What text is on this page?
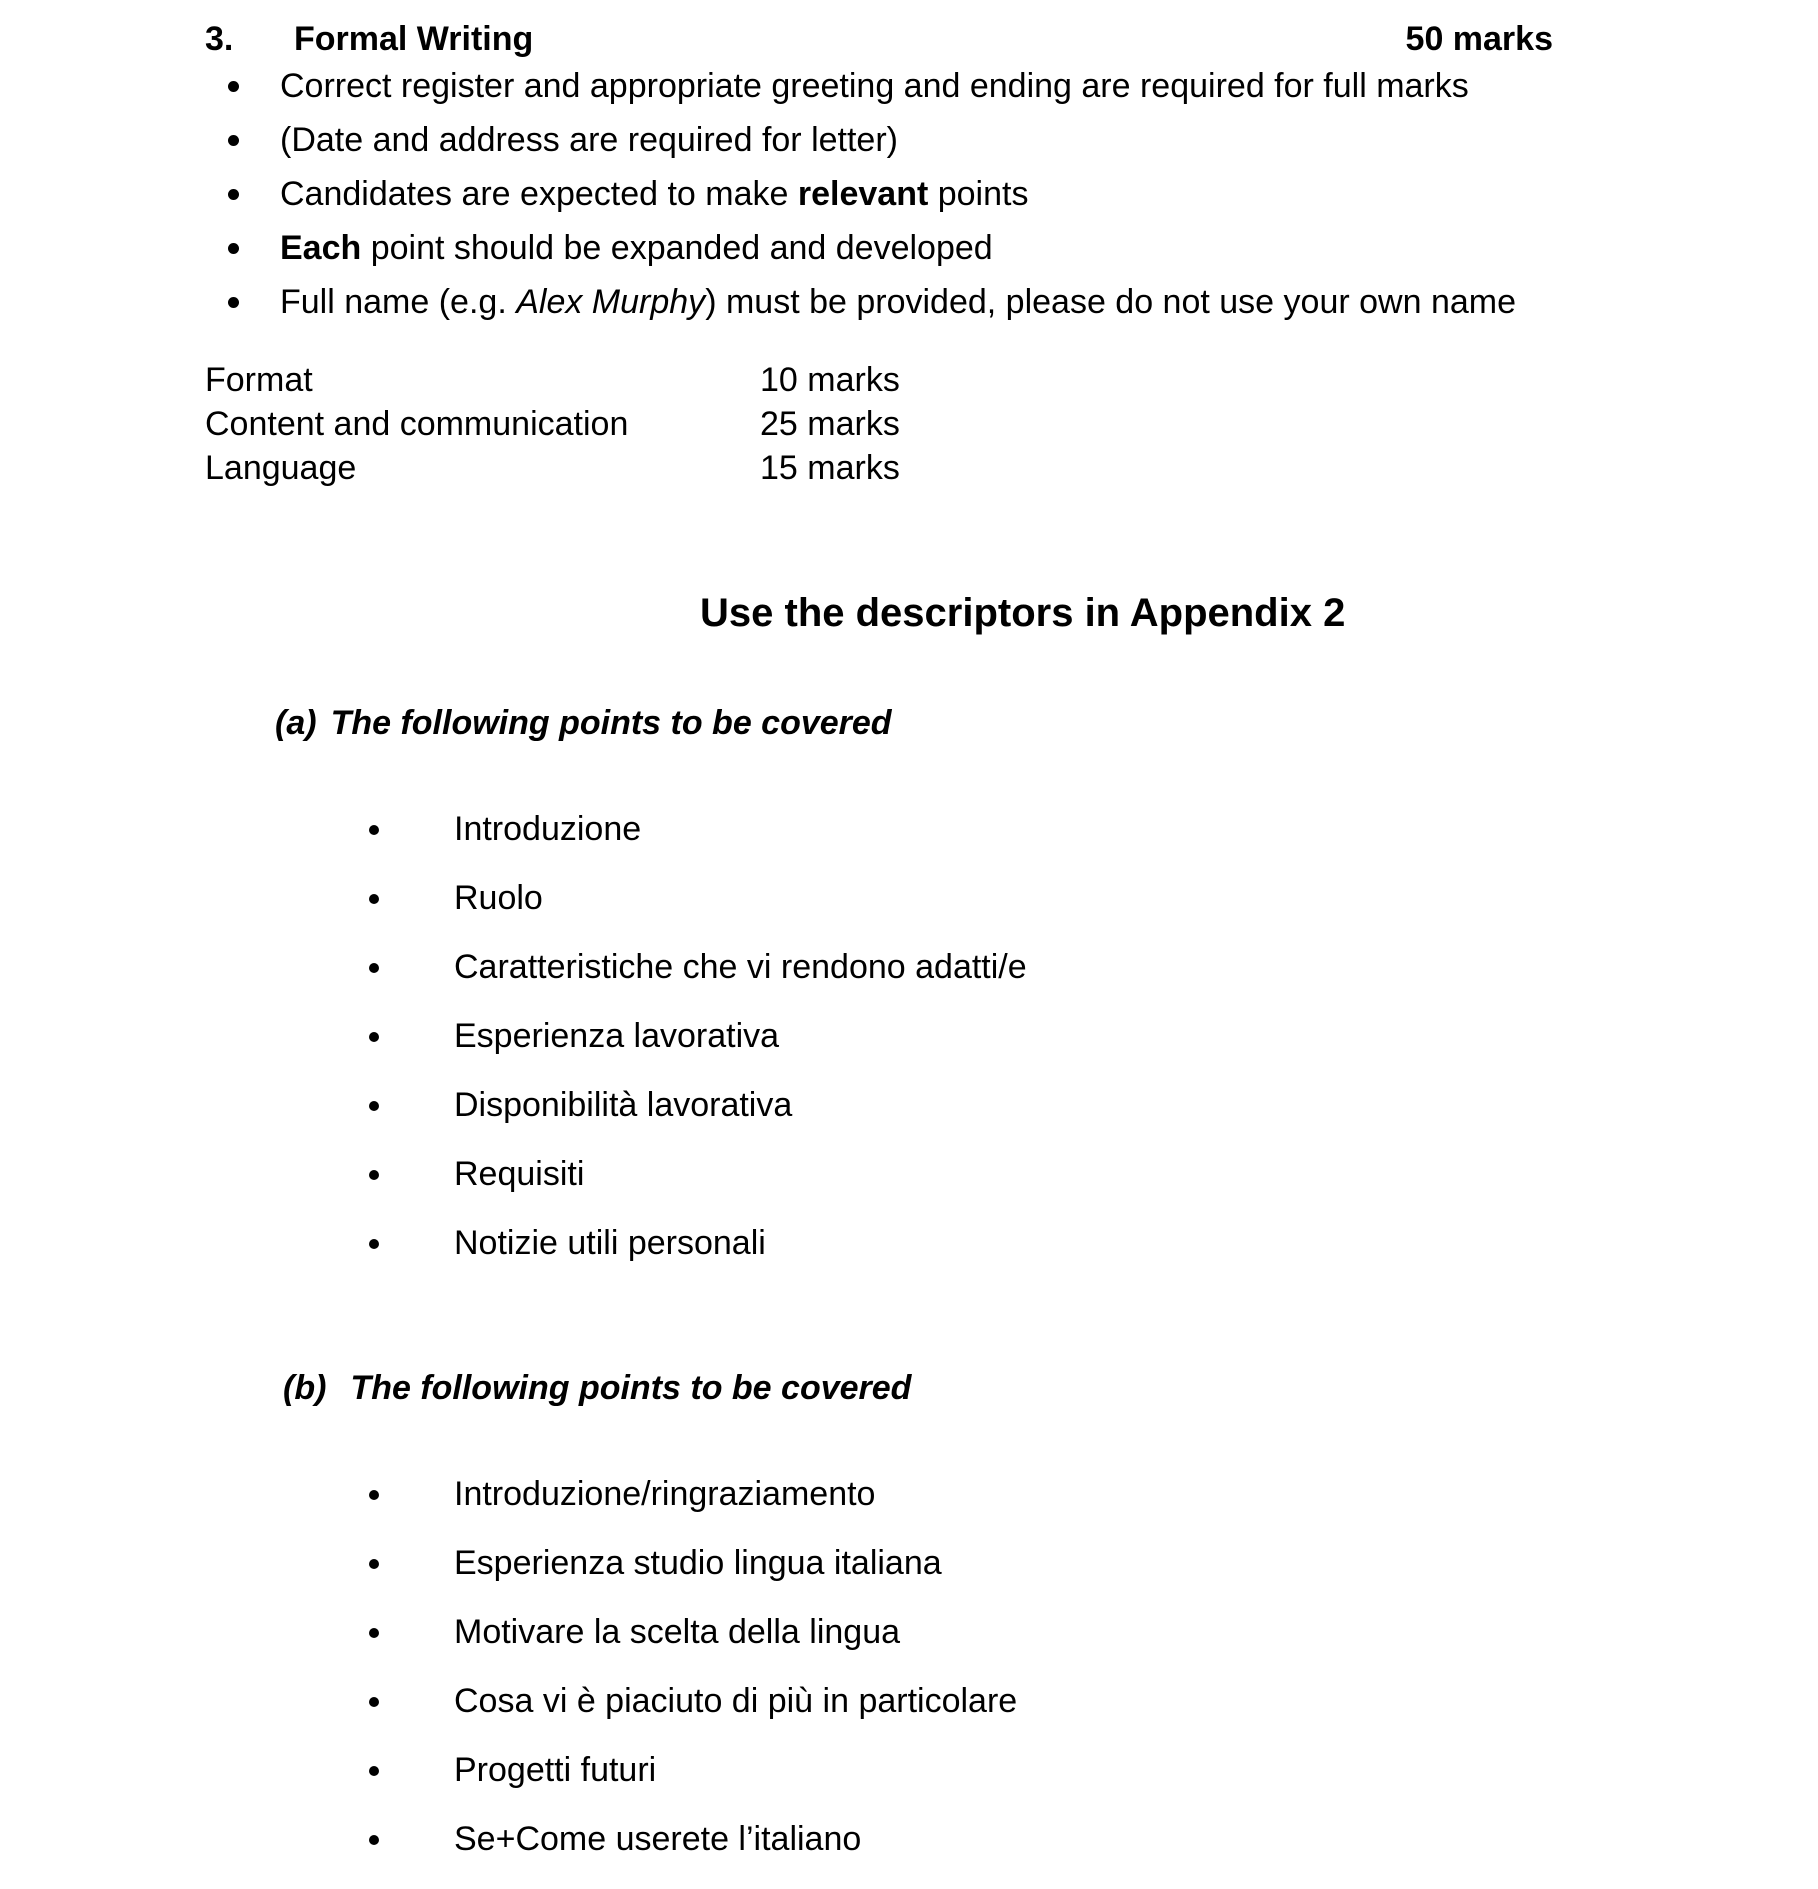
3.	Formal Writing	50 marks
Correct register and appropriate greeting and ending are required for full marks
(Date and address are required for letter)
Candidates are expected to make relevant points
Each point should be expanded and developed
Full name (e.g. Alex Murphy) must be provided, please do not use your own name
Format	10 marks
Content and communication	25 marks
Language	15 marks
Use the descriptors in Appendix 2
(a) The following points to be covered
Introduzione
Ruolo
Caratteristiche che vi rendono adatti/e
Esperienza lavorativa
Disponibilità lavorativa
Requisiti
Notizie utili personali
(b) The following points to be covered
Introduzione/ringraziamento
Esperienza studio lingua italiana
Motivare la scelta della lingua
Cosa vi è piaciuto di più in particolare
Progetti futuri
Se+Come userete l’italiano
